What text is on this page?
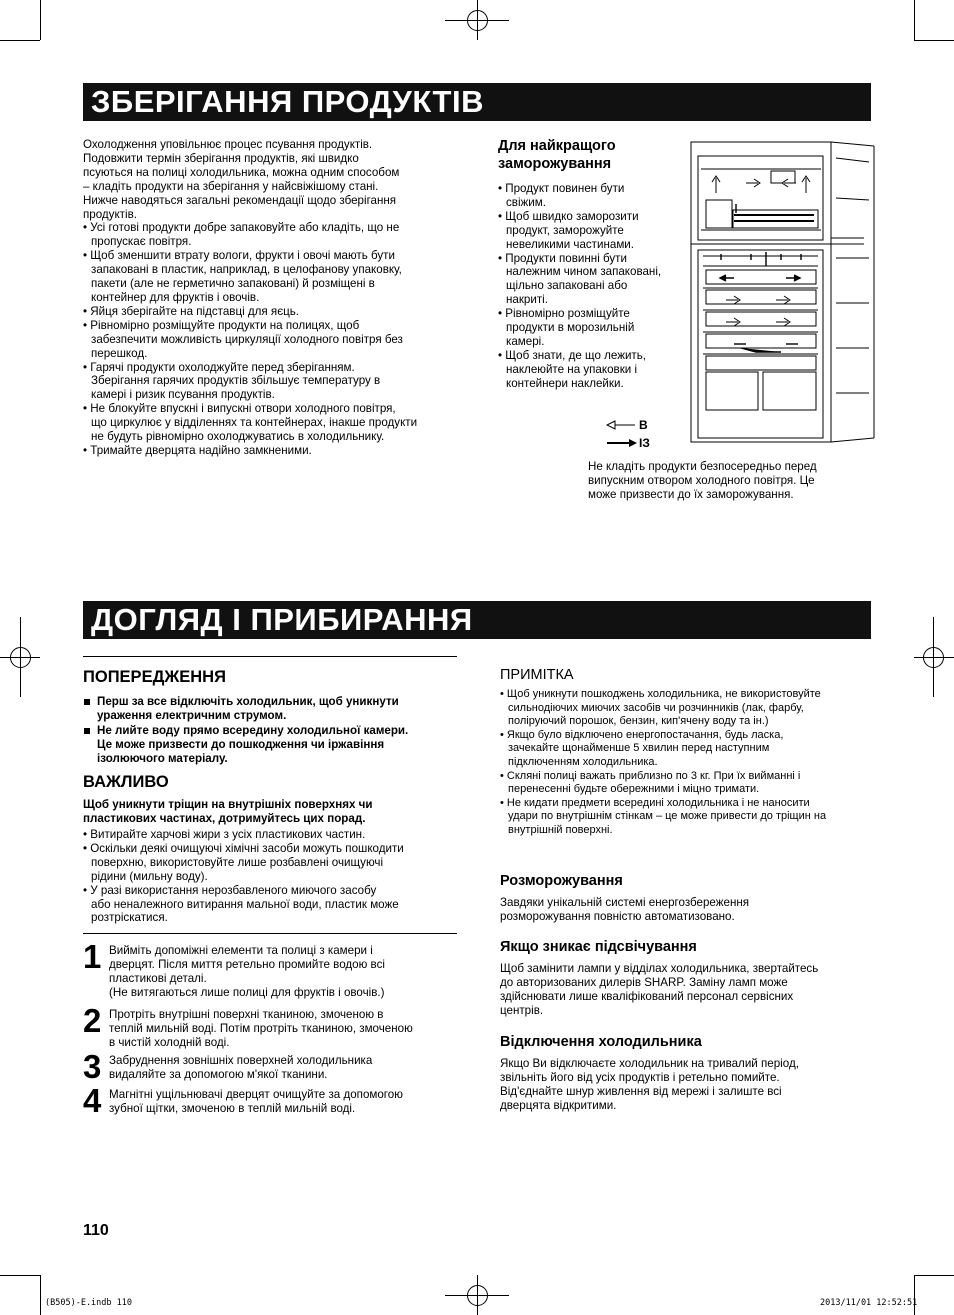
ЗБЕРІГАННЯ ПРОДУКТІВ
Охолодження уповільнює процес псування продуктів.
Подовжити термін зберігання продуктів, які швидко
псуються на полиці холодильника, можна одним способом
– кладіть продукти на зберігання у найсвіжішому стані.
Нижче наводяться загальні рекомендації щодо зберігання
продуктів.
• Усі готові продукти добре запаковуйте або кладіть, що не
пропускає повітря.
• Щоб зменшити втрату вологи, фрукти і овочі мають бути
запаковані в пластик, наприклад, в целофанову упаковку,
пакети (але не герметично запаковані) й розміщені в
контейнер для фруктів і овочів.
• Яйця зберігайте на підставці для яєць.
• Рівномірно розміщуйте продукти на полицях, щоб
забезпечити можливість циркуляції холодного повітря без
перешкод.
• Гарячі продукти охолоджуйте перед зберіганням.
Зберігання гарячих продуктів збільшує температуру в
камері і ризик псування продуктів.
• Не блокуйте впускні і випускні отвори холодного повітря,
що циркулює у відділеннях та контейнерах, інакше продукти
не будуть рівномірно охолоджуватись в холодильнику.
• Тримайте дверцята надійно замкненими.
Для найкращого
заморожування
• Продукт повинен бути
свіжим.
• Щоб швидко заморозити
продукт, заморожуйте
невеликими частинами.
• Продукти повинні бути
належним чином запаковані,
щільно запаковані або
накриті.
• Рівномірно розміщуйте
продукти в морозильній
камері.
• Щоб знати, де що лежить,
наклеюйте на упаковки і
контейнери наклейки.
В
ІЗ
Не кладіть продукти безпосередньо перед
випускним отвором холодного повітря. Це
може призвести до їх заморожування.
ДОГЛЯД І ПРИБИРАННЯ
ПОПЕРЕДЖЕННЯ
Перш за все відключіть холодильник, щоб уникнути
ураження електричним струмом.
Не лийте воду прямо всередину холодильної камери.
Це може призвести до пошкодження чи іржавіння
ізолюючого матеріалу.
ВАЖЛИВО
Щоб уникнути тріщин на внутрішніх поверхнях чи
пластикових частинах, дотримуйтесь цих порад.
• Витирайте харчові жири з усіх пластикових частин.
• Оскільки деякі очищуючі хімічні засоби можуть пошкодити
поверхню, використовуйте лише розбавлені очищуючі
рідини (мильну воду).
• У разі використання нерозбавленого миючого засобу
або неналежного витирання мальної води, пластик може
розтріскатися.
1 Вийміть допоміжні елементи та полиці з камери і
дверцят. Після миття ретельно промийте водою всі
пластикові деталі.
(Не витягаються лише полиці для фруктів і овочів.)
2 Протріть внутрішні поверхні тканиною, змоченою в
теплій мильній воді. Потім протріть тканиною, змоченою
в чистій холодній воді.
3 Забруднення зовнішніх поверхней холодильника
видаляйте за допомогою м'якої тканини.
4 Магнітні ущільнювачі дверцят очищуйте за допомогою
зубної щітки, змоченою в теплій мильній воді.
ПРИМІТКА
• Щоб уникнути пошкоджень холодильника, не використовуйте
сильнодіючих миючих засобів чи розчинників (лак, фарбу,
поліруючий порошок, бензин, кип'ячену воду та ін.)
• Якщо було відключено енергопостачання, будь ласка,
зачекайте щонайменше 5 хвилин перед наступним
підключенням холодильника.
• Скляні полиці важать приблизно по 3 кг. При їх вийманні і
перенесенні будьте обережними і міцно тримати.
• Не кидати предмети всередині холодильника і не наносити
удари по внутрішнім стінкам – це може привести до тріщин на
внутрішній поверхні.
Розморожування
Завдяки унікальній системі енергозбереження
розморожування повністю автоматизовано.
Якщо зникає підсвічування
Щоб замінити лампи у відділах холодильника, звертайтесь
до авторизованих дилерів SHARP. Заміну ламп може
здійснювати лише кваліфікований персонал сервісних
центрів.
Відключення холодильника
Якщо Ви відключаєте холодильник на тривалий період,
звільніть його від усіх продуктів і ретельно помийте.
Від'єднайте шнур живлення від мережі і залиште всі
дверцята відкритими.
110
(B505)-E.indb 110	2013/11/01 12:52:51
